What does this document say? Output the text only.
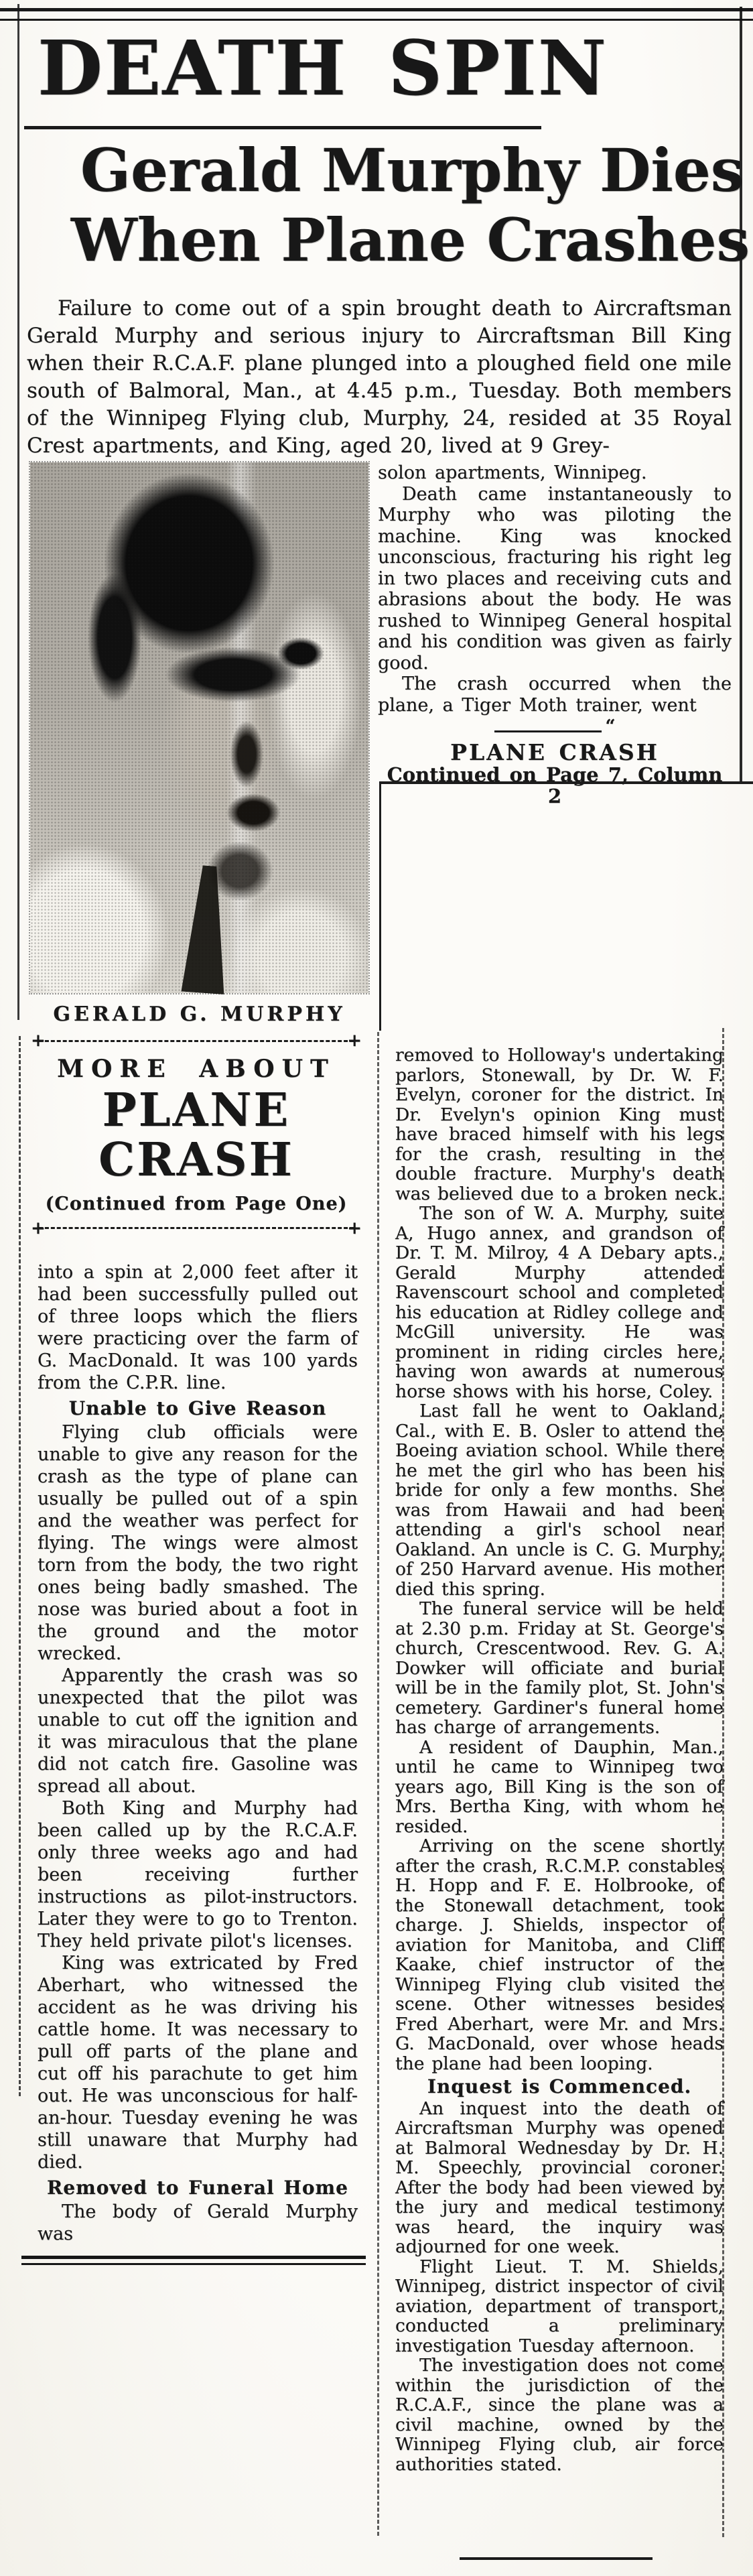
DEATH SPIN
Gerald Murphy Dies
When Plane Crashes

Failure to come out of a spin brought death to Aircraftsman Gerald Murphy and serious injury to Aircraftsman Bill King when their R.C.A.F. plane plunged into a ploughed field one mile south of Balmoral, Man., at 4.45 p.m., Tuesday. Both members of the Winnipeg Flying club, Murphy, 24, resided at 35 Royal Crest apartments, and King, aged 20, lived at 9 Grey-

GERALD G. MURPHY

solon apartments, Winnipeg.

Death came instantaneously to Murphy who was piloting the machine. King was knocked unconscious, fracturing his right leg in two places and receiving cuts and abrasions about the body. He was rushed to Winnipeg General hospital and his condition was given as fairly good.

The crash occurred when the plane, a Tiger Moth trainer, went

“
PLANE CRASH
Continued on Page 7, Column 2
MORE ABOUT
PLANE CRASH
(Continued from Page One)

into a spin at 2,000 feet after it had been successfully pulled out of three loops which the fliers were practicing over the farm of G. MacDonald. It was 100 yards from the C.P.R. line.

Unable to Give Reason

Flying club officials were unable to give any reason for the crash as the type of plane can usually be pulled out of a spin and the weather was perfect for flying. The wings were almost torn from the body, the two right ones being badly smashed. The nose was buried about a foot in the ground and the motor wrecked.

Apparently the crash was so unexpected that the pilot was unable to cut off the ignition and it was miraculous that the plane did not catch fire. Gasoline was spread all about.

Both King and Murphy had been called up by the R.C.A.F. only three weeks ago and had been receiving further instructions as pilot-instructors. Later they were to go to Trenton. They held private pilot's licenses.

King was extricated by Fred Aberhart, who witnessed the accident as he was driving his cattle home. It was necessary to pull off parts of the plane and cut off his parachute to get him out. He was unconscious for half-an-hour. Tuesday evening he was still unaware that Murphy had died.

Removed to Funeral Home

The body of Gerald Murphy was

removed to Holloway's undertaking parlors, Stonewall, by Dr. W. F. Evelyn, coroner for the district. In Dr. Evelyn's opinion King must have braced himself with his legs for the crash, resulting in the double fracture. Murphy's death was believed due to a broken neck.

The son of W. A. Murphy, suite A, Hugo annex, and grandson of Dr. T. M. Milroy, 4 A Debary apts., Gerald Murphy attended Ravenscourt school and completed his education at Ridley college and McGill university. He was prominent in riding circles here, having won awards at numerous horse shows with his horse, Coley.

Last fall he went to Oakland, Cal., with E. B. Osler to attend the Boeing aviation school. While there he met the girl who has been his bride for only a few months. She was from Hawaii and had been attending a girl's school near Oakland. An uncle is C. G. Murphy, of 250 Harvard avenue. His mother died this spring.

The funeral service will be held at 2.30 p.m. Friday at St. George's church, Crescentwood. Rev. G. A. Dowker will officiate and burial will be in the family plot, St. John's cemetery. Gardiner's funeral home has charge of arrangements.

A resident of Dauphin, Man., until he came to Winnipeg two years ago, Bill King is the son of Mrs. Bertha King, with whom he resided.

Arriving on the scene shortly after the crash, R.C.M.P. constables H. Hopp and F. E. Holbrooke, of the Stonewall detachment, took charge. J. Shields, inspector of aviation for Manitoba, and Cliff Kaake, chief instructor of the Winnipeg Flying club visited the scene. Other witnesses besides Fred Aberhart, were Mr. and Mrs. G. MacDonald, over whose heads the plane had been looping.

Inquest is Commenced.

An inquest into the death of Aircraftsman Murphy was opened at Balmoral Wednesday by Dr. H. M. Speechly, provincial coroner. After the body had been viewed by the jury and medical testimony was heard, the inquiry was adjourned for one week.

Flight Lieut. T. M. Shields, Winnipeg, district inspector of civil aviation, department of transport, conducted a preliminary investigation Tuesday afternoon.

The investigation does not come within the jurisdiction of the R.C.A.F., since the plane was a civil machine, owned by the Winnipeg Flying club, air force authorities stated.
